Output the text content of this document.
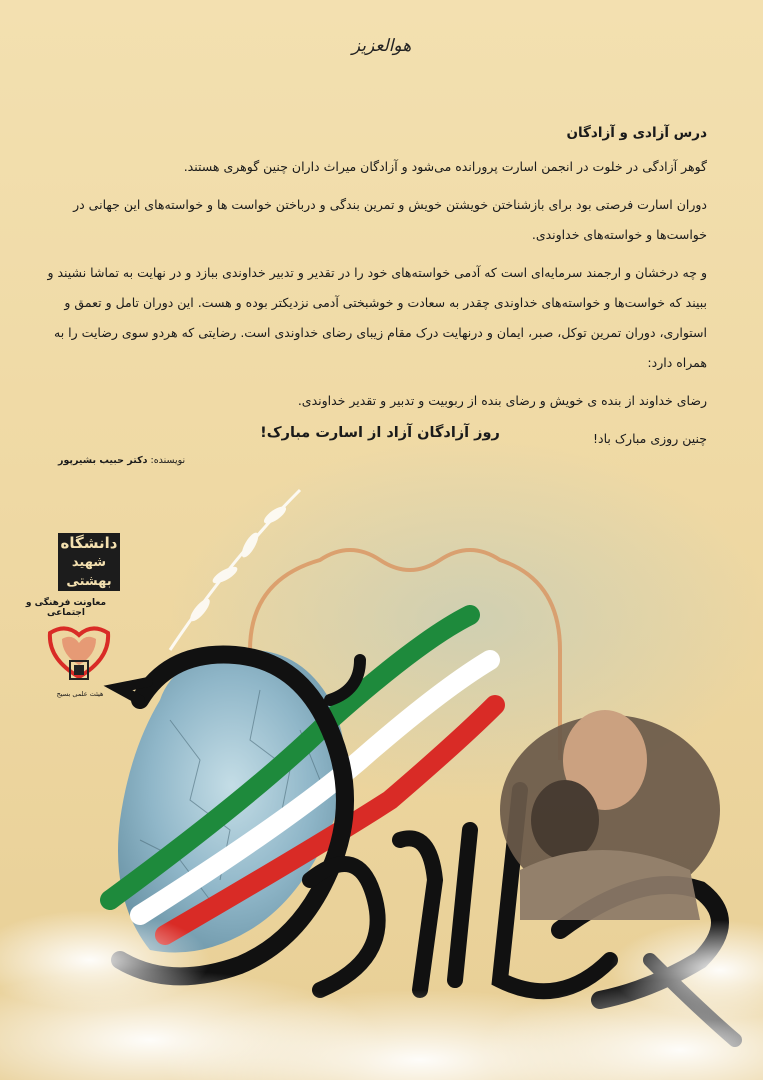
هوالعزیز

درس آزادی و آزادگان

گوهر آزادگی در خلوت در انجمن اسارت پرورانده می‌شود و آزادگان میراث داران چنین گوهری هستند.

دوران اسارت فرصتی بود برای بازشناختن خویشتن خویش و تمرین بندگی و درباختن خواست ها و خواسته‌های این جهانی در خواست‌ها و خواسته‌های خداوندی.

و چه درخشان و ارجمند سرمایه‌ای است که آدمی خواسته‌های خود را در تقدیر و تدبیر خداوندی ببازد و در نهایت به تماشا نشیند و ببیند که خواست‌ها و خواسته‌های خداوندی چقدر به سعادت و خوشبختی آدمی نزدیکتر بوده و هست. این دوران تامل و تعمق و استواری، دوران تمرین توکل، صبر، ایمان و درنهایت درک مقام زیبای رضای خداوندی است. رضایتی که هردو سوی رضایت را به همراه دارد:

رضای خداوند از بنده ی خویش و رضای بنده از ربوبیت و تدبیر و تقدیر خداوندی.

چنین روزی مبارک باد!

روز آزادگان آزاد از اسارت مبارک!
نویسنده: دکتر حبیب بشیرپور
دانشگاه
شهید بهشتی
معاونت فرهنگی و اجتماعی
هیئت علمی بسیج
